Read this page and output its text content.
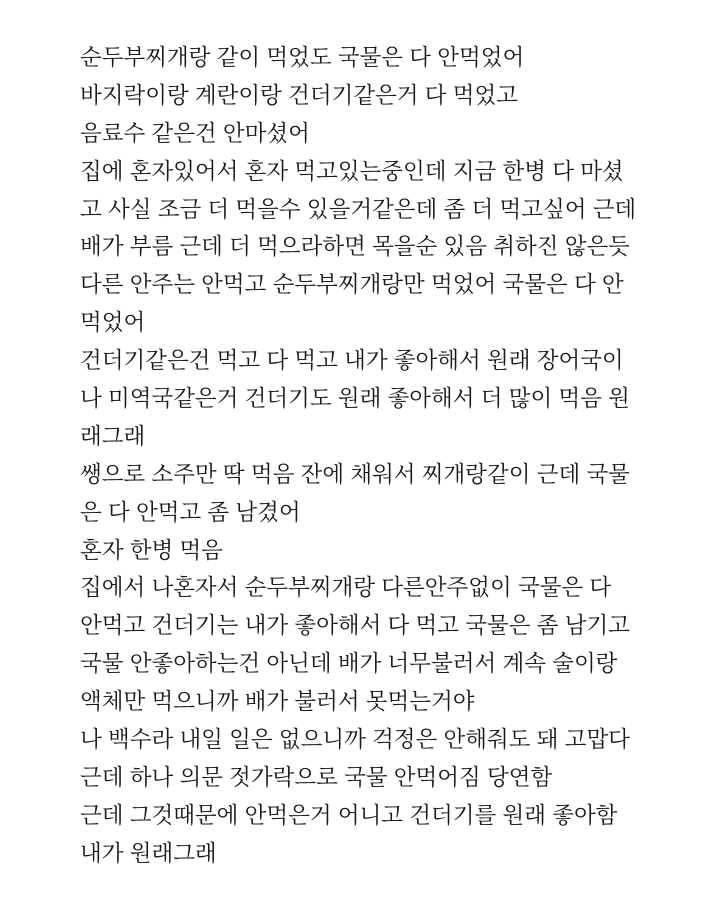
순두부찌개랑 같이 먹었도 국물은 다 안먹었어
바지락이랑 계란이랑 건더기같은거 다 먹었고
음료수 같은건 안마셨어
집에 혼자있어서 혼자 먹고있는중인데 지금 한병 다 마셨
고 사실 조금 더 먹을수 있을거같은데 좀 더 먹고싶어 근데
배가 부름 근데 더 먹으라하면 목을순 있음 취하진 않은듯
다른 안주는 안먹고 순두부찌개랑만 먹었어 국물은 다 안
먹었어
건더기같은건 먹고 다 먹고 내가 좋아해서 원래 장어국이
나 미역국같은거 건더기도 원래 좋아해서 더 많이 먹음 원
래그래
쌩으로 소주만 딱 먹음 잔에 채워서 찌개랑같이 근데 국물
은 다 안먹고 좀 남겼어
혼자 한병 먹음
집에서 나혼자서 순두부찌개랑 다른안주없이 국물은 다
안먹고 건더기는 내가 좋아해서 다 먹고 국물은 좀 남기고
국물 안좋아하는건 아닌데 배가 너무불러서 계속 술이랑
액체만 먹으니까 배가 불러서 못먹는거야
나 백수라 내일 일은 없으니까 걱정은 안해줘도 돼 고맙다
근데 하나 의문 젓가락으로 국물 안먹어짐 당연함
근데 그것때문에 안먹은거 어니고 건더기를 원래 좋아함
내가 원래그래
